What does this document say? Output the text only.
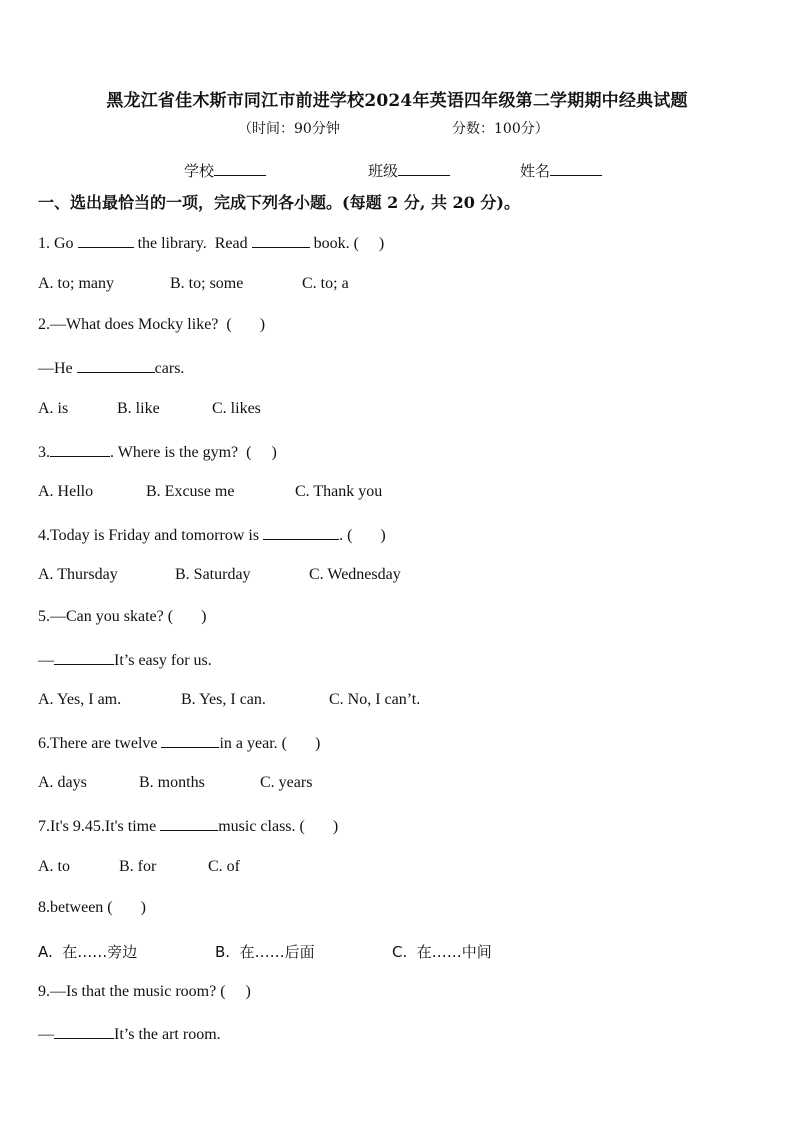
黑龙江省佳木斯市同江市前进学校2024年英语四年级第二学期期中经典试题
（时间：90分钟	分数：100分）
学校	班级	姓名
一、选出最恰当的一项，完成下列各小题。(每题 2 分, 共 20 分)。
1. Go	the library.  Read	book. (     )
A. to; many	B. to; some	C. to; a
2.—What does Mocky like?  (       )
—He	cars.
A. is	B. like	C. likes
3.	. Where is the gym?  (     )
A. Hello	B. Excuse me	C. Thank you
4.Today is Friday and tomorrow is	. (       )
A. Thursday	B. Saturday	C. Wednesday
5.—Can you skate? (       )
—	It’s easy for us.
A. Yes, I am.	B. Yes, I can.	C. No, I can’t.
6.There are twelve	in a year. (       )
A. days	B. months	C. years
7.It's 9.45.It's time	music class. (       )
A. to	B. for	C. of
8.between (       )
A.  在……旁边	B.  在……后面	C.  在……中间
9.—Is that the music room? (     )
—	It’s the art room.
